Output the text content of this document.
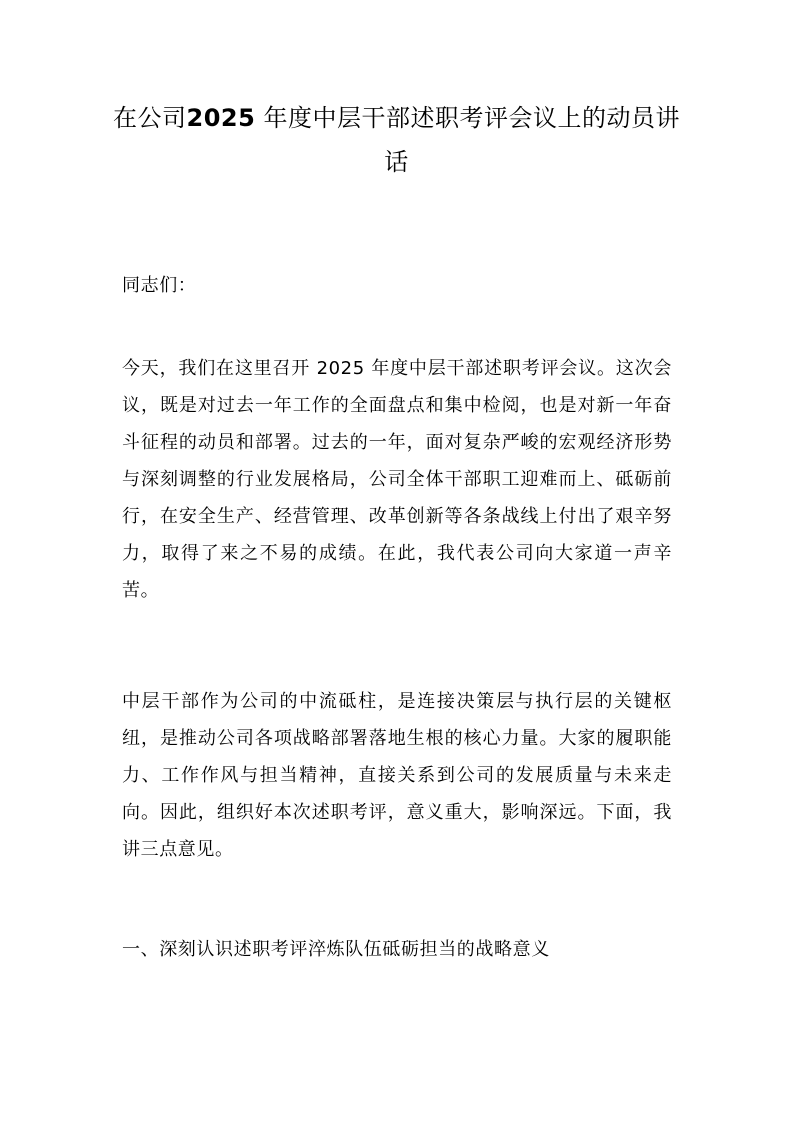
在公司2025 年度中层干部述职考评会议上的动员讲话

同志们：

今天，我们在这里召开 2025 年度中层干部述职考评会议。这次会议，既是对过去一年工作的全面盘点和集中检阅，也是对新一年奋斗征程的动员和部署。过去的一年，面对复杂严峻的宏观经济形势与深刻调整的行业发展格局，公司全体干部职工迎难而上、砥砺前行，在安全生产、经营管理、改革创新等各条战线上付出了艰辛努力，取得了来之不易的成绩。在此，我代表公司向大家道一声辛苦。

中层干部作为公司的中流砥柱，是连接决策层与执行层的关键枢纽，是推动公司各项战略部署落地生根的核心力量。大家的履职能力、工作作风与担当精神，直接关系到公司的发展质量与未来走向。因此，组织好本次述职考评，意义重大，影响深远。下面，我讲三点意见。

一、深刻认识述职考评淬炼队伍砥砺担当的战略意义
